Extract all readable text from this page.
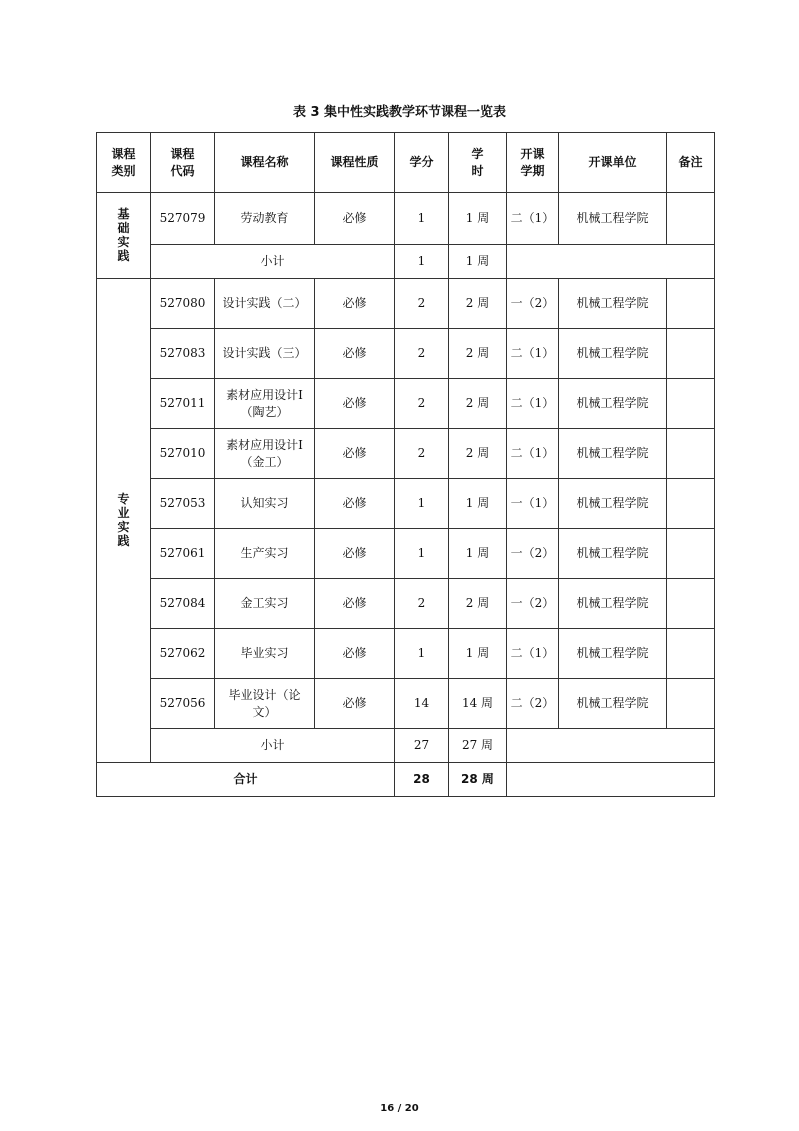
表 3 集中性实践教学环节课程一览表
课程类别	课程代码	课程名称	课程性质	学分	学时	开课学期	开课单位	备注
基础实践	527079	劳动教育	必修	1	1 周	二（1）	机械工程学院	
	小计			1	1 周			
专业实践	527080	设计实践（二）	必修	2	2 周	一（2）	机械工程学院	
	527083	设计实践（三）	必修	2	2 周	二（1）	机械工程学院	
	527011	素材应用设计Ⅰ（陶艺）	必修	2	2 周	二（1）	机械工程学院	
	527010	素材应用设计Ⅰ（金工）	必修	2	2 周	二（1）	机械工程学院	
	527053	认知实习	必修	1	1 周	一（1）	机械工程学院	
	527061	生产实习	必修	1	1 周	一（2）	机械工程学院	
	527084	金工实习	必修	2	2 周	一（2）	机械工程学院	
	527062	毕业实习	必修	1	1 周	二（1）	机械工程学院	
	527056	毕业设计（论文）	必修	14	14 周	二（2）	机械工程学院	
	小计			27	27 周			
合计				28	28 周			
16 / 20
